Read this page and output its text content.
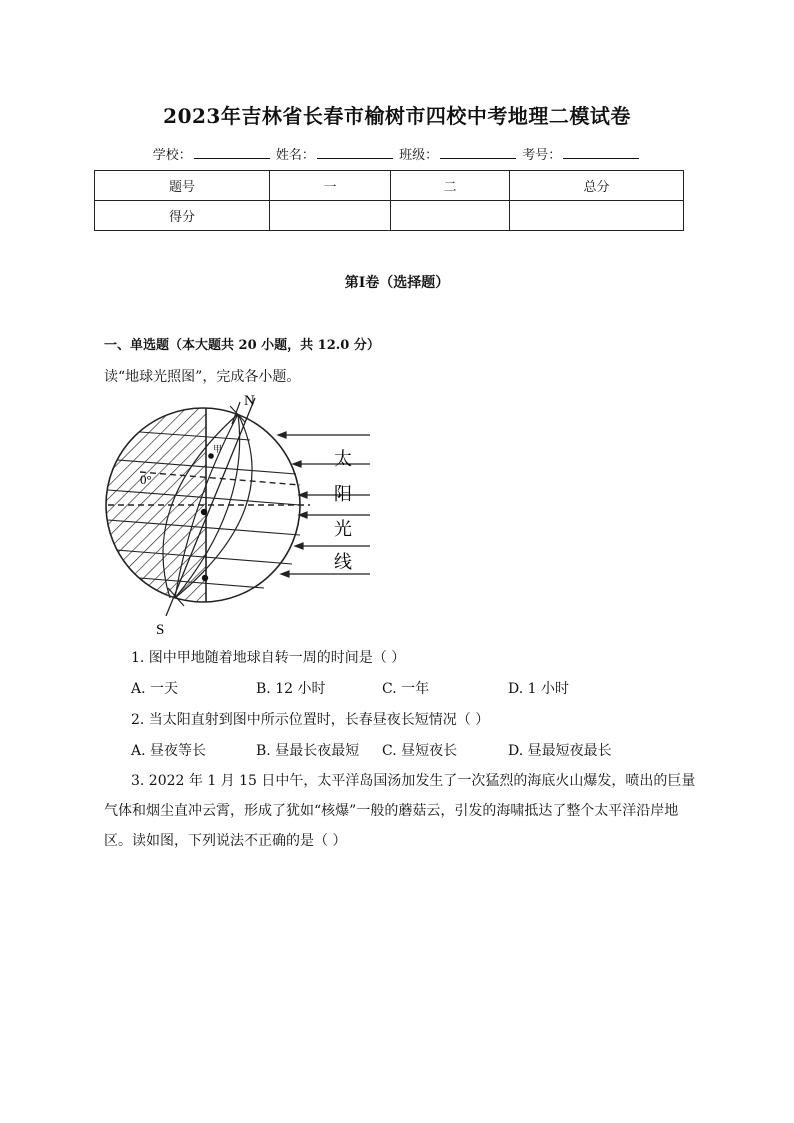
2023年吉林省长春市榆树市四校中考地理二模试卷
学校：	姓名：	班级：	考号：
题号	一	二	总分
得分			
第Ⅰ卷（选择题）
一、单选题（本大题共 20 小题，共 12.0 分）
读“地球光照图”，完成各小题。
N
S
甲
0°
太
阳
光
线
1. 图中甲地随着地球自转一周的时间是（ ）
A. 一天	B. 12 小时	C. 一年	D. 1 小时
2. 当太阳直射到图中所示位置时，长春昼夜长短情况（ ）
A. 昼夜等长	B. 昼最长夜最短 C. 昼短夜长	D. 昼最短夜最长
3. 2022 年 1 月 15 日中午，太平洋岛国汤加发生了一次猛烈的海底火山爆发，喷出的巨量气体和烟尘直冲云霄，形成了犹如“核爆”一般的蘑菇云，引发的海啸抵达了整个太平洋沿岸地区。读如图，下列说法不正确的是（ ）
